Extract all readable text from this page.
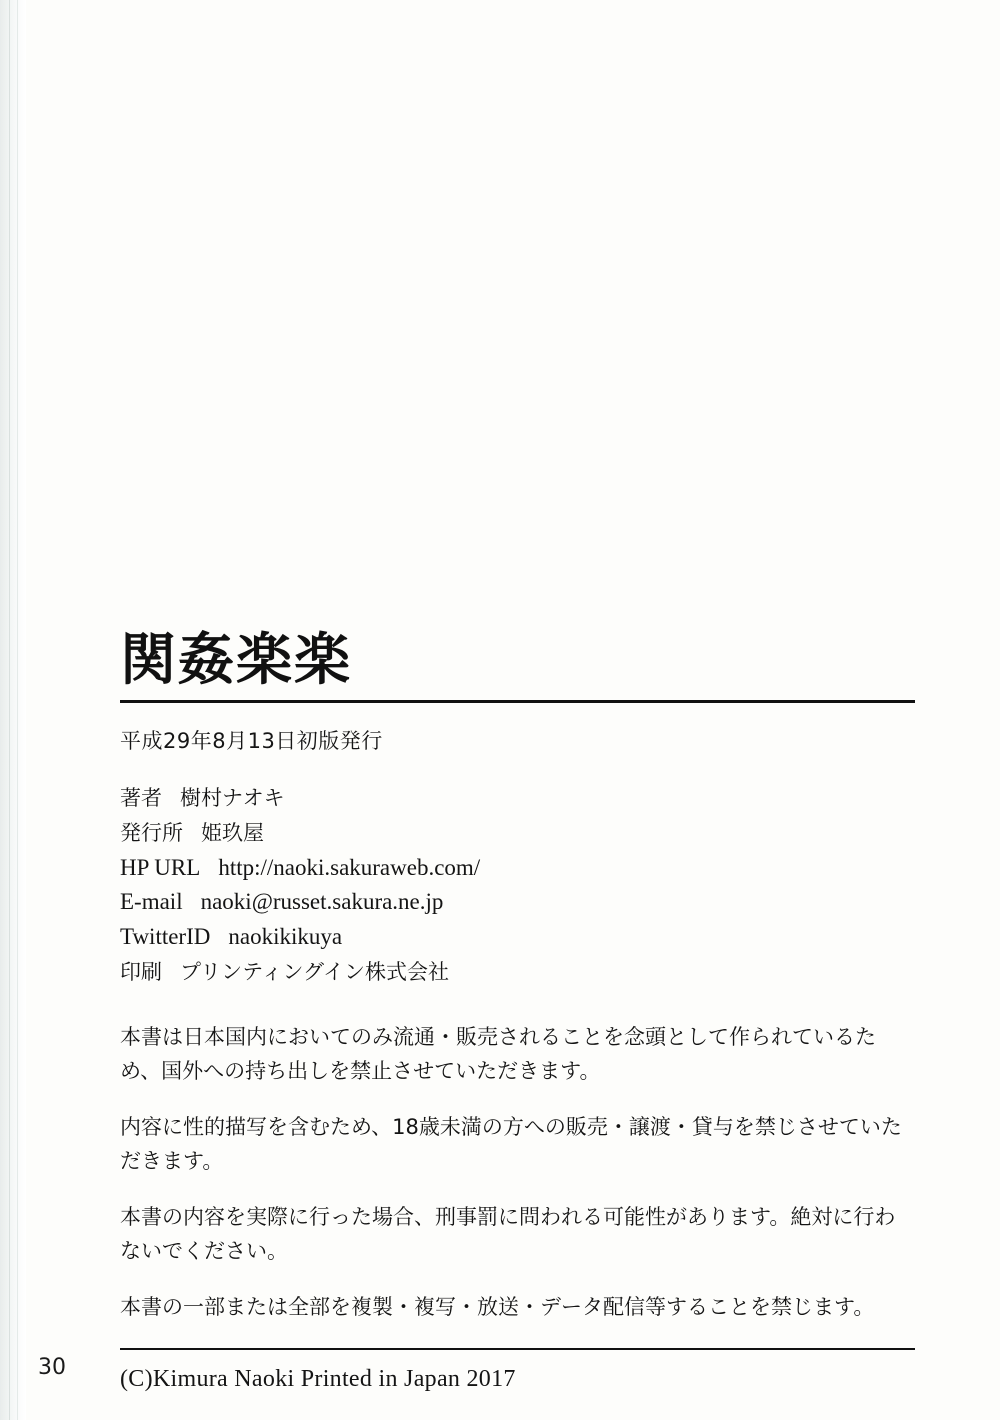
関姦楽楽
平成29年8月13日初版発行
著者 樹村ナオキ
発行所 姫玖屋
HP URL http://naoki.sakuraweb.com/
E-mail naoki@russet.sakura.ne.jp
TwitterID naokikikuya
印刷 プリンティングイン株式会社

本書は日本国内においてのみ流通・販売されることを念頭として作られているため、国外への持ち出しを禁止させていただきます。

内容に性的描写を含むため、18歳未満の方への販売・譲渡・貸与を禁じさせていただきます。

本書の内容を実際に行った場合、刑事罰に問われる可能性があります。絶対に行わないでください。

本書の一部または全部を複製・複写・放送・データ配信等することを禁じます。

(C)Kimura Naoki Printed in Japan 2017
30
